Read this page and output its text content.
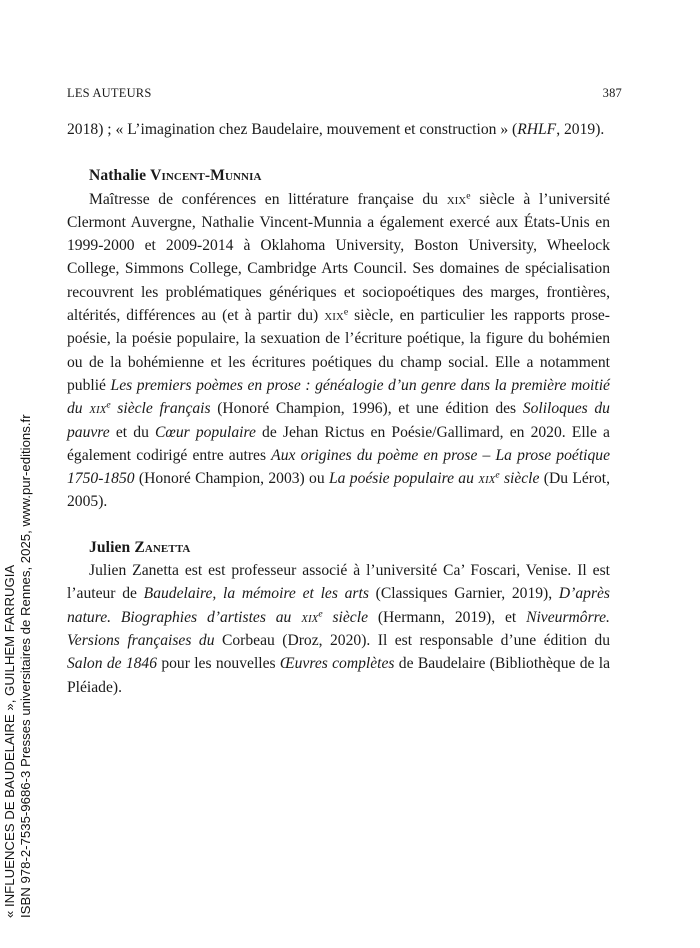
LES AUTEURS	387

2018) ; « L’imagination chez Baudelaire, mouvement et construction » (RHLF, 2019).

Nathalie Vincent-Munnia

Maîtresse de conférences en littérature française du xix$^e$ siècle à l’université Clermont Auvergne, Nathalie Vincent-Munnia a également exercé aux États-Unis en 1999-2000 et 2009-2014 à Oklahoma University, Boston University, Wheelock College, Simmons College, Cambridge Arts Council. Ses domaines de spécialisation recouvrent les problématiques génériques et sociopoétiques des marges, frontières, altérités, différences au (et à partir du) xix$^e$ siècle, en particulier les rapports prose-poésie, la poésie populaire, la sexuation de l’écriture poétique, la figure du bohémien ou de la bohémienne et les écritures poétiques du champ social. Elle a notamment publié Les premiers poèmes en prose : généalogie d’un genre dans la première moitié du xix$^e$ siècle français (Honoré Champion, 1996), et une édition des Soliloques du pauvre et du Cœur populaire de Jehan Rictus en Poésie/Gallimard, en 2020. Elle a également codirigé entre autres Aux origines du poème en prose – La prose poétique 1750-1850 (Honoré Champion, 2003) ou La poésie populaire au xix$^e$ siècle (Du Lérot, 2005).

Julien Zanetta

Julien Zanetta est est professeur associé à l’université Ca’ Foscari, Venise. Il est l’auteur de Baudelaire, la mémoire et les arts (Classiques Garnier, 2019), D’après nature. Biographies d’artistes au xix$^e$ siècle (Hermann, 2019), et Niveurmôrre. Versions françaises du Corbeau (Droz, 2020). Il est responsable d’une édition du Salon de 1846 pour les nouvelles Œuvres complètes de Baudelaire (Bibliothèque de la Pléiade).

« INFLUENCES DE BAUDELAIRE », GUILHEM FARRUGIA ISBN 978-2-7535-9686-3 Presses universitaires de Rennes, 2025, www.pur-editions.fr
